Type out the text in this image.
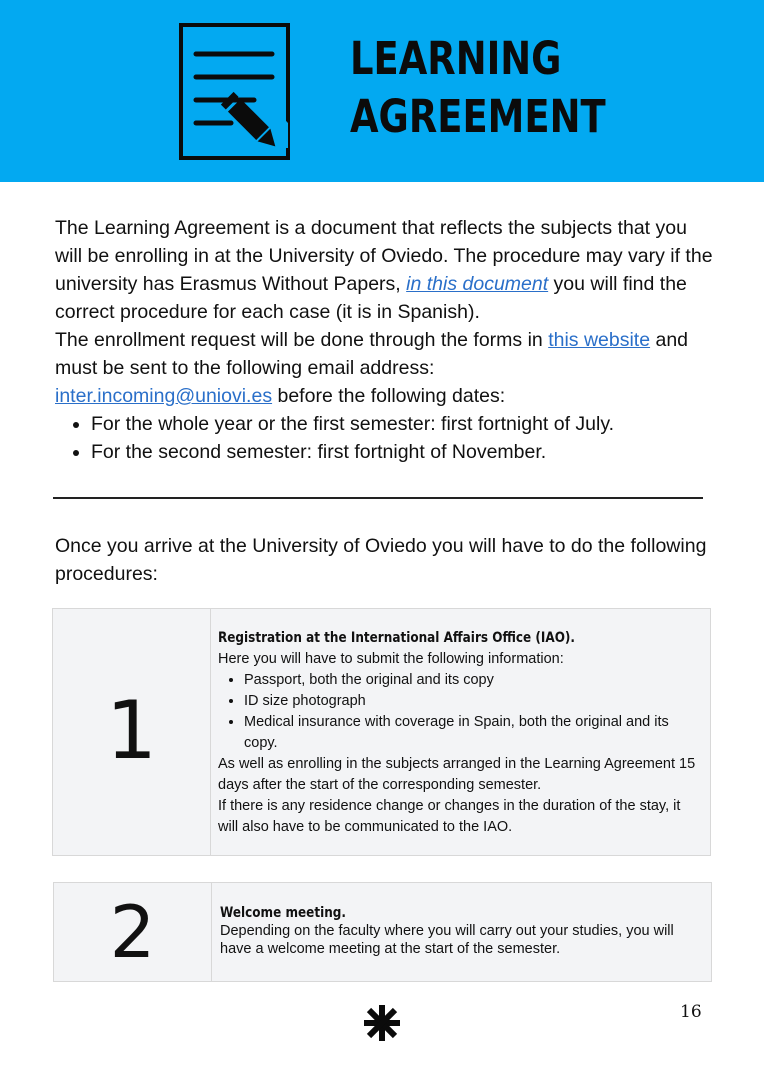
LEARNING
AGREEMENT

The Learning Agreement is a document that reflects the subjects that you will be enrolling in at the University of Oviedo. The procedure may vary if the university has Erasmus Without Papers, in this document you will find the correct procedure for each case (it is in Spanish).

The enrollment request will be done through the forms in this website and must be sent to the following email address:
inter.incoming@uniovi.es before the following dates:

• For the whole year or the first semester: first fortnight of July.
• For the second semester: first fortnight of November.

Once you arrive at the University of Oviedo you will have to do the following procedures:

1
Registration at the International Affairs Office (IAO).

Here you will have to submit the following information:

• Passport, both the original and its copy
• ID size photograph
• Medical insurance with coverage in Spain, both the original and its copy.

As well as enrolling in the subjects arranged in the Learning Agreement 15 days after the start of the corresponding semester.

If there is any residence change or changes in the duration of the stay, it will also have to be communicated to the IAO.

2	Welcome meeting.

Depending on the faculty where you will carry out your studies, you will have a welcome meeting at the start of the semester.

16
